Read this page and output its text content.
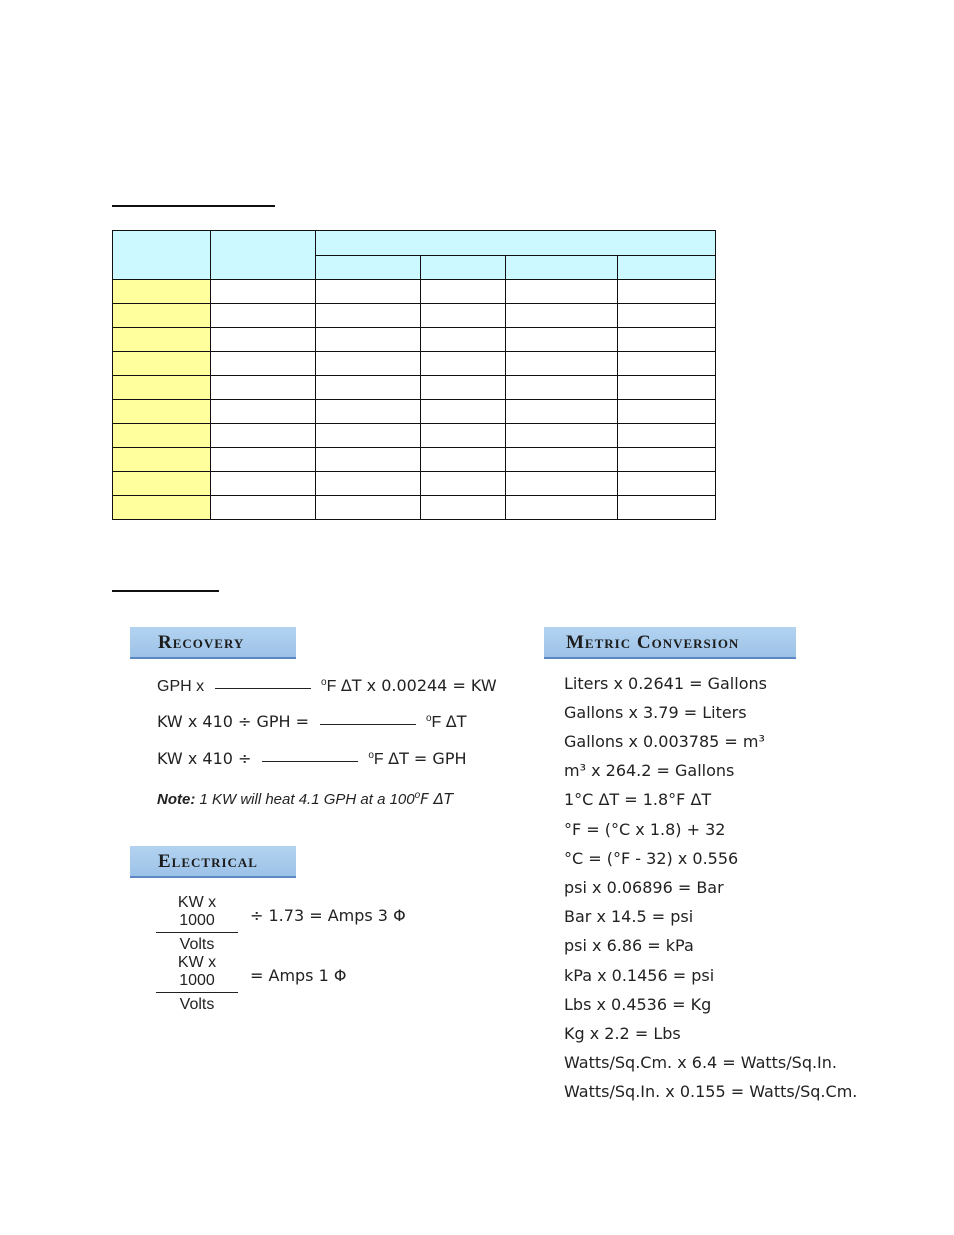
Recovery
GPH x	$^o$F ΔT x 0.00244 = KW
KW x 410 ÷ GPH =	$^o$F ΔT
KW x 410 ÷	$^o$F ΔT = GPH
Note: 1 KW will heat 4.1 GPH at a 100$^o$F ΔT
Electrical
KW x 1000
Volts
÷ 1.73 = Amps 3 Φ
KW x 1000
Volts
= Amps 1 Φ
Metric Conversion
Liters x 0.2641 = Gallons
Gallons x 3.79 = Liters
Gallons x 0.003785 = m³
m³ x 264.2 = Gallons
1°C ΔT = 1.8°F ΔT
°F = (°C x 1.8) + 32
°C = (°F - 32) x 0.556
psi x 0.06896 = Bar
Bar x 14.5 = psi
psi x 6.86 = kPa
kPa x 0.1456 = psi
Lbs x 0.4536 = Kg
Kg x 2.2 = Lbs
Watts/Sq.Cm. x 6.4 = Watts/Sq.In.
Watts/Sq.In. x 0.155 = Watts/Sq.Cm.
